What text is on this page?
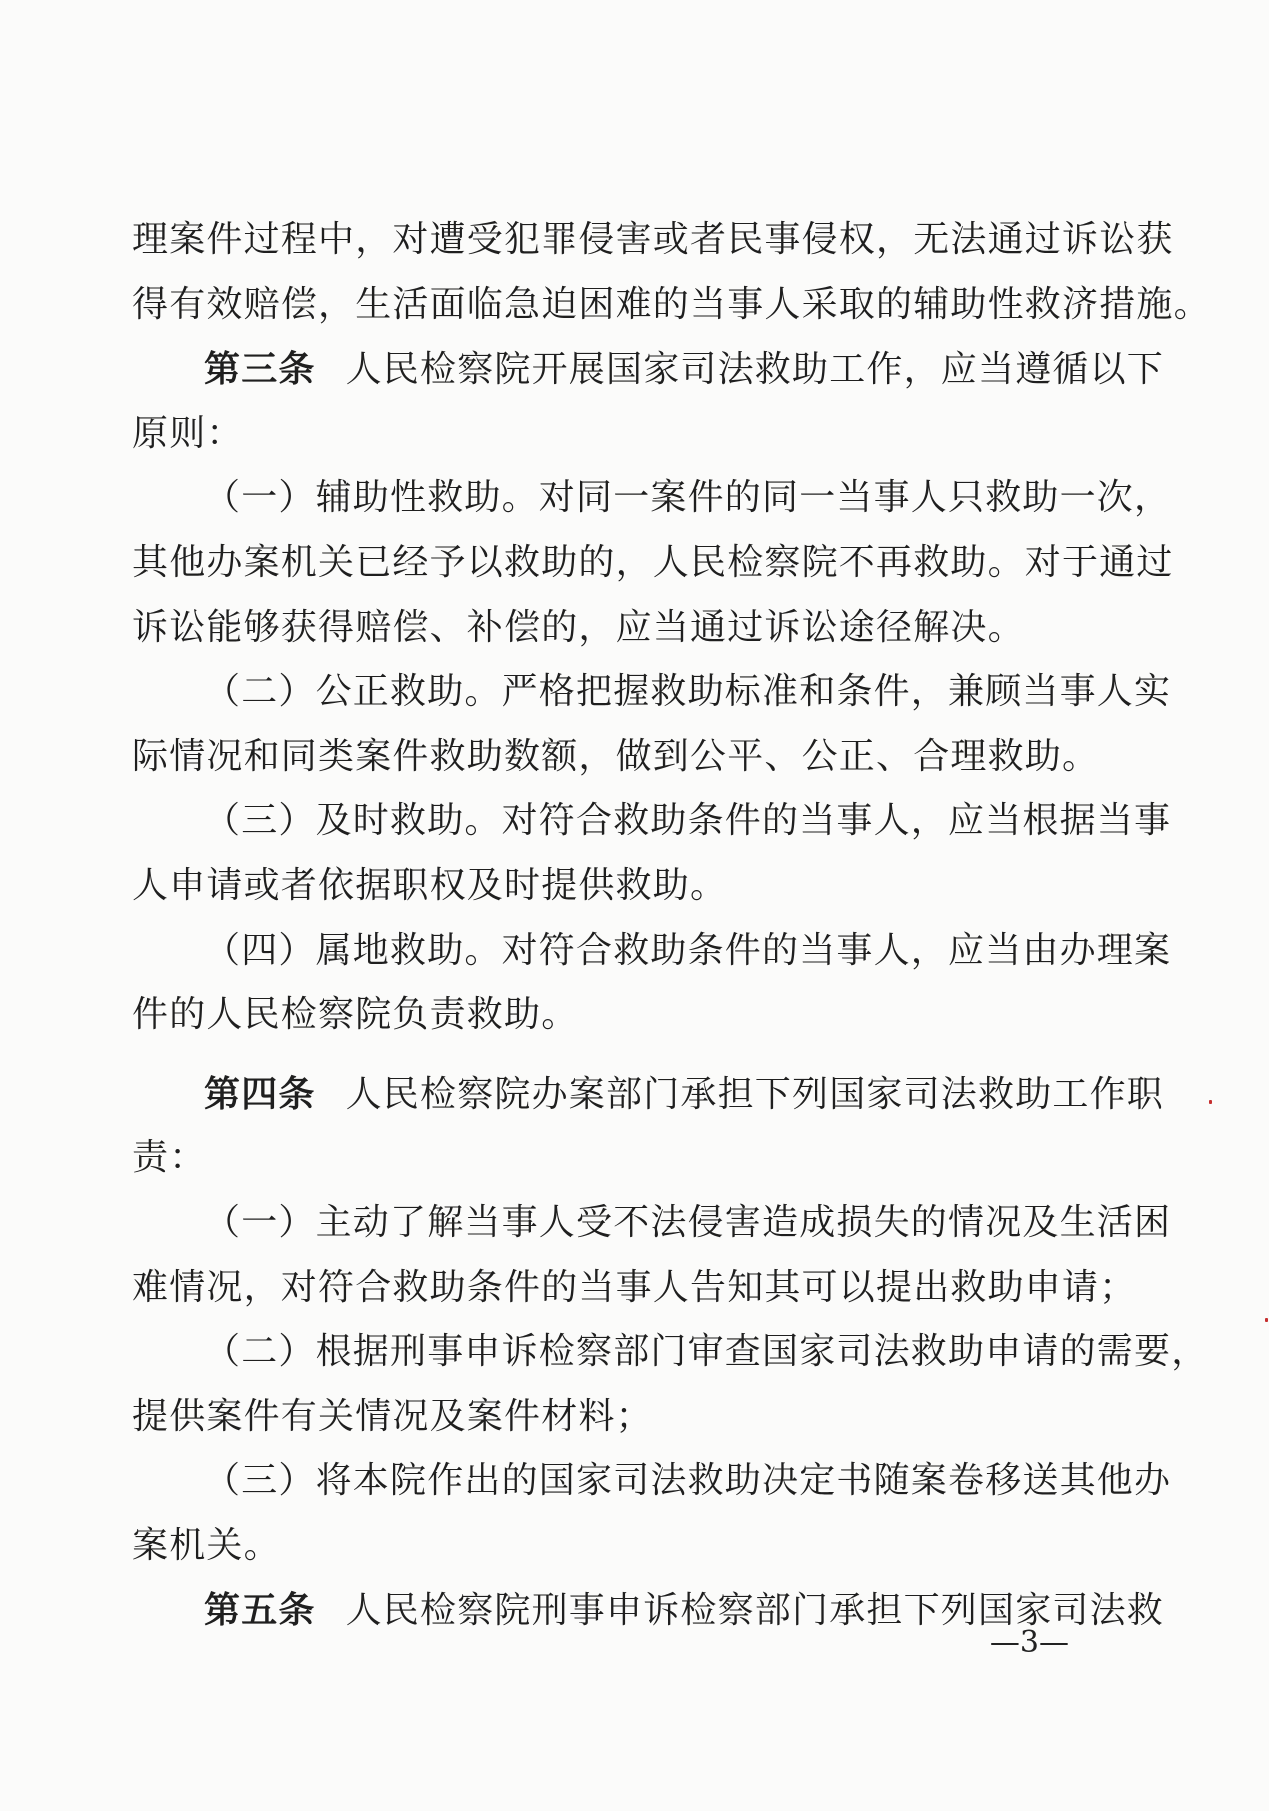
理案件过程中，对遭受犯罪侵害或者民事侵权，无法通过诉讼获
得有效赔偿，生活面临急迫困难的当事人采取的辅助性救济措施。
第三条 人民检察院开展国家司法救助工作，应当遵循以下
原则：
（一）辅助性救助。对同一案件的同一当事人只救助一次，
其他办案机关已经予以救助的，人民检察院不再救助。对于通过
诉讼能够获得赔偿、补偿的，应当通过诉讼途径解决。
（二）公正救助。严格把握救助标准和条件，兼顾当事人实
际情况和同类案件救助数额，做到公平、公正、合理救助。
（三）及时救助。对符合救助条件的当事人，应当根据当事
人申请或者依据职权及时提供救助。
（四）属地救助。对符合救助条件的当事人，应当由办理案
件的人民检察院负责救助。
第四条 人民检察院办案部门承担下列国家司法救助工作职
责：
（一）主动了解当事人受不法侵害造成损失的情况及生活困
难情况，对符合救助条件的当事人告知其可以提出救助申请；
（二）根据刑事申诉检察部门审查国家司法救助申请的需要，
提供案件有关情况及案件材料；
（三）将本院作出的国家司法救助决定书随案卷移送其他办
案机关。
第五条 人民检察院刑事申诉检察部门承担下列国家司法救
—3—
